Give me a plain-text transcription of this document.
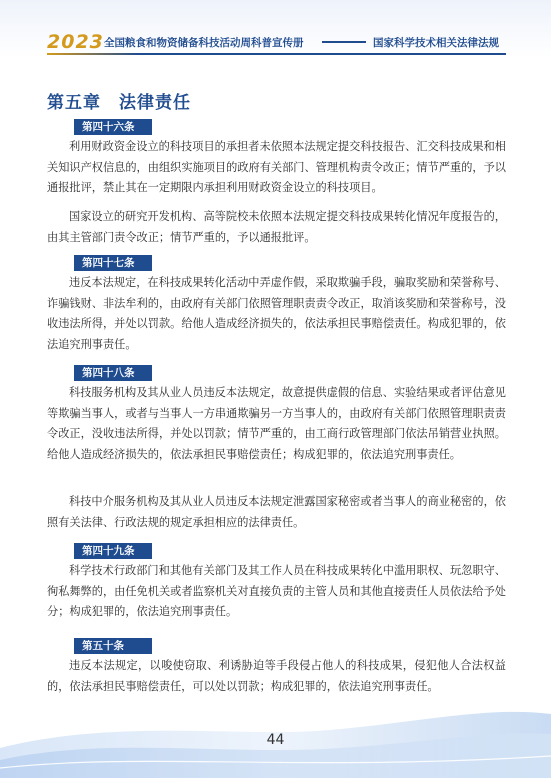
2023 全国粮食和物资储备科技活动周科普宣传册	国家科学技术相关法律法规
第五章　法律责任
第四十六条
利用财政资金设立的科技项目的承担者未依照本法规定提交科技报告、汇交科技成果和相关知识产权信息的，由组织实施项目的政府有关部门、管理机构责令改正；情节严重的，予以通报批评，禁止其在一定期限内承担利用财政资金设立的科技项目。
国家设立的研究开发机构、高等院校未依照本法规定提交科技成果转化情况年度报告的，由其主管部门责令改正；情节严重的，予以通报批评。
第四十七条
违反本法规定，在科技成果转化活动中弄虚作假，采取欺骗手段，骗取奖励和荣誉称号、诈骗钱财、非法牟利的，由政府有关部门依照管理职责责令改正，取消该奖励和荣誉称号，没收违法所得，并处以罚款。给他人造成经济损失的，依法承担民事赔偿责任。构成犯罪的，依法追究刑事责任。
第四十八条
科技服务机构及其从业人员违反本法规定，故意提供虚假的信息、实验结果或者评估意见等欺骗当事人，或者与当事人一方串通欺骗另一方当事人的，由政府有关部门依照管理职责责令改正，没收违法所得，并处以罚款；情节严重的，由工商行政管理部门依法吊销营业执照。给他人造成经济损失的，依法承担民事赔偿责任；构成犯罪的，依法追究刑事责任。
科技中介服务机构及其从业人员违反本法规定泄露国家秘密或者当事人的商业秘密的，依照有关法律、行政法规的规定承担相应的法律责任。
第四十九条
科学技术行政部门和其他有关部门及其工作人员在科技成果转化中滥用职权、玩忽职守、徇私舞弊的，由任免机关或者监察机关对直接负责的主管人员和其他直接责任人员依法给予处分；构成犯罪的，依法追究刑事责任。
第五十条
违反本法规定，以唆使窃取、利诱胁迫等手段侵占他人的科技成果，侵犯他人合法权益的，依法承担民事赔偿责任，可以处以罚款；构成犯罪的，依法追究刑事责任。
44
